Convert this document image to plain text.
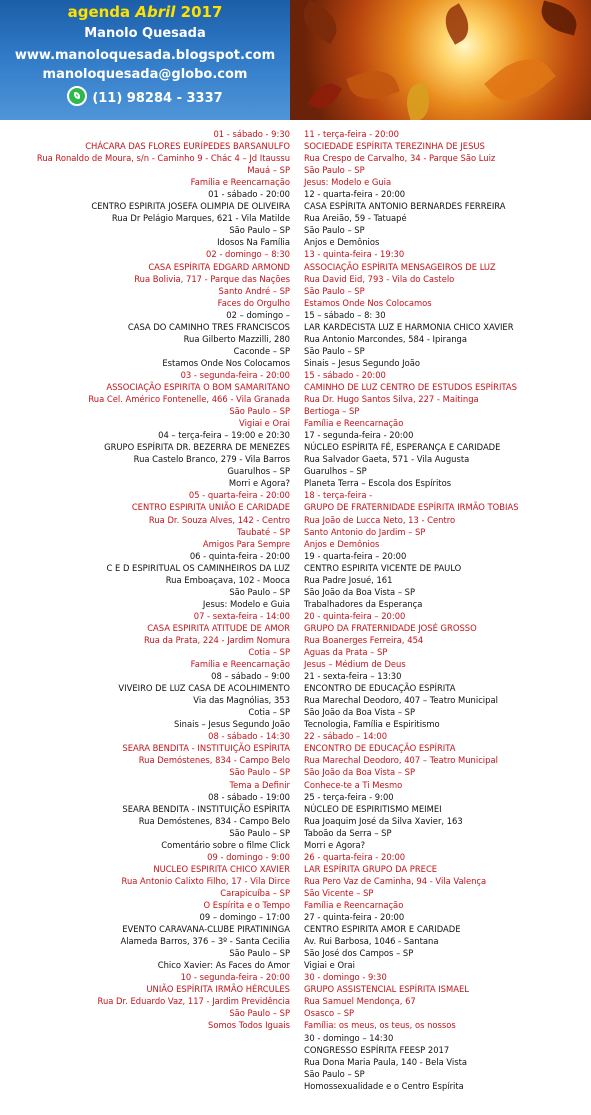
agenda Abril 2017
Manolo Quesada
www.manoloquesada.blogspot.com
manoloquesada@globo.com
(11) 98284 - 3337
01 - sábado - 9:30
CHÁCARA DAS FLORES EURÍPEDES BARSANULFO
Rua Ronaldo de Moura, s/n - Caminho 9 - Chác 4 – Jd Itaussu
Mauá – SP
Família e Reencarnação
01 - sábado - 20:00
CENTRO ESPIRITA JOSEFA OLIMPIA DE OLIVEIRA
Rua Dr Pelágio Marques, 621 - Vila Matilde
São Paulo – SP
Idosos Na Família
02 - domingo – 8:30
CASA ESPÍRITA EDGARD ARMOND
Rua Bolivia, 717 - Parque das Nações
Santo André – SP
Faces do Orgulho
02 – domingo –
CASA DO CAMINHO TRES FRANCISCOS
Rua Gilberto Mazzilli, 280
Caconde – SP
Estamos Onde Nos Colocamos
03 - segunda-feira - 20:00
ASSOCIAÇÃO ESPIRITA O BOM SAMARITANO
Rua Cel. Américo Fontenelle, 466 - Vila Granada
São Paulo – SP
Vigiai e Orai
04 – terça-feira – 19:00 e 20:30
GRUPO ESPÍRITA DR. BEZERRA DE MENEZES
Rua Castelo Branco, 279 - Vila Barros
Guarulhos – SP
Morri e Agora?
05 - quarta-feira - 20:00
CENTRO ESPIRITA UNIÃO E CARIDADE
Rua Dr. Souza Alves, 142 - Centro
Taubaté – SP
Amigos Para Sempre
06 - quinta-feira - 20:00
C E D ESPIRITUAL OS CAMINHEIROS DA LUZ
Rua Emboaçava, 102 - Mooca
São Paulo – SP
Jesus: Modelo e Guia
07 - sexta-feira - 14:00
CASA ESPIRITA ATITUDE DE AMOR
Rua da Prata, 224 - Jardim Nomura
Cotia – SP
Família e Reencarnação
08 – sábado – 9:00
VIVEIRO DE LUZ CASA DE ACOLHIMENTO
Via das Magnólias, 353
Cotia – SP
Sinais – Jesus Segundo João
08 - sábado - 14:30
SEARA BENDITA - INSTITUIÇÃO ESPÍRITA
Rua Demóstenes, 834 - Campo Belo
São Paulo – SP
Tema a Definir
08 - sábado - 19:00
SEARA BENDITA - INSTITUIÇÃO ESPÍRITA
Rua Demóstenes, 834 - Campo Belo
São Paulo – SP
Comentário sobre o filme Click
09 - domingo - 9:00
NUCLEO ESPIRITA CHICO XAVIER
Rua Antonio Calixto Filho, 17 - Vila Dirce
Carapicuíba – SP
O Espírita e o Tempo
09 – domingo – 17:00
EVENTO CARAVANA-CLUBE PIRATININGA
Alameda Barros, 376 – 3º - Santa Cecilia
São Paulo – SP
Chico Xavier: As Faces do Amor
10 - segunda-feira - 20:00
UNIÃO ESPÍRITA IRMÃO HÉRCULES
Rua Dr. Eduardo Vaz, 117 - Jardim Previdência
São Paulo – SP
Somos Todos Iguais
11 - terça-feira - 20:00
SOCIEDADE ESPÍRITA TEREZINHA DE JESUS
Rua Crespo de Carvalho, 34 - Parque São Luiz
São Paulo – SP
Jesus: Modelo e Guia
12 - quarta-feira - 20:00
CASA ESPÍRITA ANTONIO BERNARDES FERREIRA
Rua Areião, 59 - Tatuapé
São Paulo – SP
Anjos e Demônios
13 - quinta-feira - 19:30
ASSOCIAÇÃO ESPÍRITA MENSAGEIROS DE LUZ
Rua David Eid, 793 - Vila do Castelo
São Paulo – SP
Estamos Onde Nos Colocamos
15 – sábado – 8: 30
LAR KARDECISTA LUZ E HARMONIA CHICO XAVIER
Rua Antonio Marcondes, 584 - Ipiranga
São Paulo – SP
Sinais – Jesus Segundo João
15 - sábado - 20:00
CAMINHO DE LUZ CENTRO DE ESTUDOS ESPÍRITAS
Rua Dr. Hugo Santos Silva, 227 - Maitinga
Bertioga – SP
Família e Reencarnação
17 - segunda-feira - 20:00
NÚCLEO ESPÍRITA FÉ, ESPERANÇA E CARIDADE
Rua Salvador Gaeta, 571 - Vila Augusta
Guarulhos – SP
Planeta Terra – Escola dos Espíritos
18 - terça-feira -
GRUPO DE FRATERNIDADE ESPÍRITA IRMÃO TOBIAS
Rua João de Lucca Neto, 13 - Centro
Santo Antonio do Jardim – SP
Anjos e Demônios
19 - quarta-feira – 20:00
CENTRO ESPIRITA VICENTE DE PAULO
Rua Padre Josué, 161
São João da Boa Vista – SP
Trabalhadores da Esperança
20 - quinta-feira – 20:00
GRUPO DA FRATERNIDADE JOSÉ GROSSO
Rua Boanerges Ferreira, 454
Aguas da Prata – SP
Jesus – Médium de Deus
21 - sexta-feira – 13:30
ENCONTRO DE EDUCAÇÃO ESPÍRITA
Rua Marechal Deodoro, 407 – Teatro Municipal
São João da Boa Vista – SP
Tecnologia, Família e Espiritismo
22 - sábado – 14:00
ENCONTRO DE EDUCAÇÃO ESPÍRITA
Rua Marechal Deodoro, 407 – Teatro Municipal
São João da Boa Vista – SP
Conhece-te a Ti Mesmo
25 - terça-feira - 9:00
NÚCLEO DE ESPIRITISMO MEIMEI
Rua Joaquim José da Silva Xavier, 163
Taboão da Serra – SP
Morri e Agora?
26 - quarta-feira - 20:00
LAR ESPÍRITA GRUPO DA PRECE
Rua Pero Vaz de Caminha, 94 - Vila Valença
São Vicente – SP
Família e Reencarnação
27 - quinta-feira - 20:00
CENTRO ESPIRITA AMOR E CARIDADE
Av. Rui Barbosa, 1046 - Santana
São José dos Campos – SP
Vigiai e Orai
30 - domingo - 9:30
GRUPO ASSISTENCIAL ESPÍRITA ISMAEL
Rua Samuel Mendonça, 67
Osasco – SP
Família: os meus, os teus, os nossos
30 - domingo – 14:30
CONGRESSO ESPÍRITA FEESP 2017
Rua Dona Maria Paula, 140 - Bela Vista
São Paulo – SP
Homossexualidade e o Centro Espírita
